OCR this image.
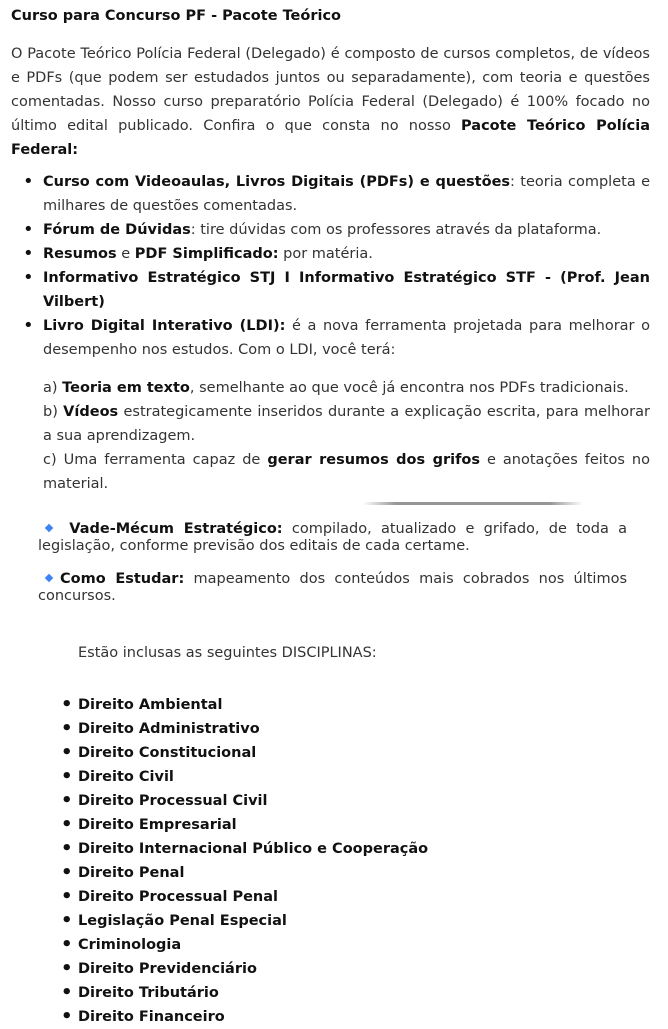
Curso para Concurso PF - Pacote Teórico

O Pacote Teórico Polícia Federal (Delegado) é composto de cursos completos, de vídeos e PDFs (que podem ser estudados juntos ou separadamente), com teoria e questões comentadas. Nosso curso preparatório Polícia Federal (Delegado) é 100% focado no último edital publicado. Confira o que consta no nosso Pacote Teórico Polícia Federal:

• Curso com Videoaulas, Livros Digitais (PDFs) e questões: teoria completa e milhares de questões comentadas.
• Fórum de Dúvidas: tire dúvidas com os professores através da plataforma.
• Resumos e PDF Simplificado: por matéria.
• Informativo Estratégico STJ I Informativo Estratégico STF - (Prof. Jean Vilbert)
• Livro Digital Interativo (LDI): é a nova ferramenta projetada para melhorar o desempenho nos estudos. Com o LDI, você terá:

a) Teoria em texto, semelhante ao que você já encontra nos PDFs tradicionais.

b) Vídeos estrategicamente inseridos durante a explicação escrita, para melhorar a sua aprendizagem.

c) Uma ferramenta capaz de gerar resumos dos grifos e anotações feitos no material.

Vade-Mécum Estratégico: compilado, atualizado e grifado, de toda a legislação, conforme previsão dos editais de cada certame.
Como Estudar: mapeamento dos conteúdos mais cobrados nos últimos concursos.
Estão inclusas as seguintes DISCIPLINAS:
• Direito Ambiental
• Direito Administrativo
• Direito Constitucional
• Direito Civil
• Direito Processual Civil
• Direito Empresarial
• Direito Internacional Público e Cooperação
• Direito Penal
• Direito Processual Penal
• Legislação Penal Especial
• Criminologia
• Direito Previdenciário
• Direito Tributário
• Direito Financeiro
